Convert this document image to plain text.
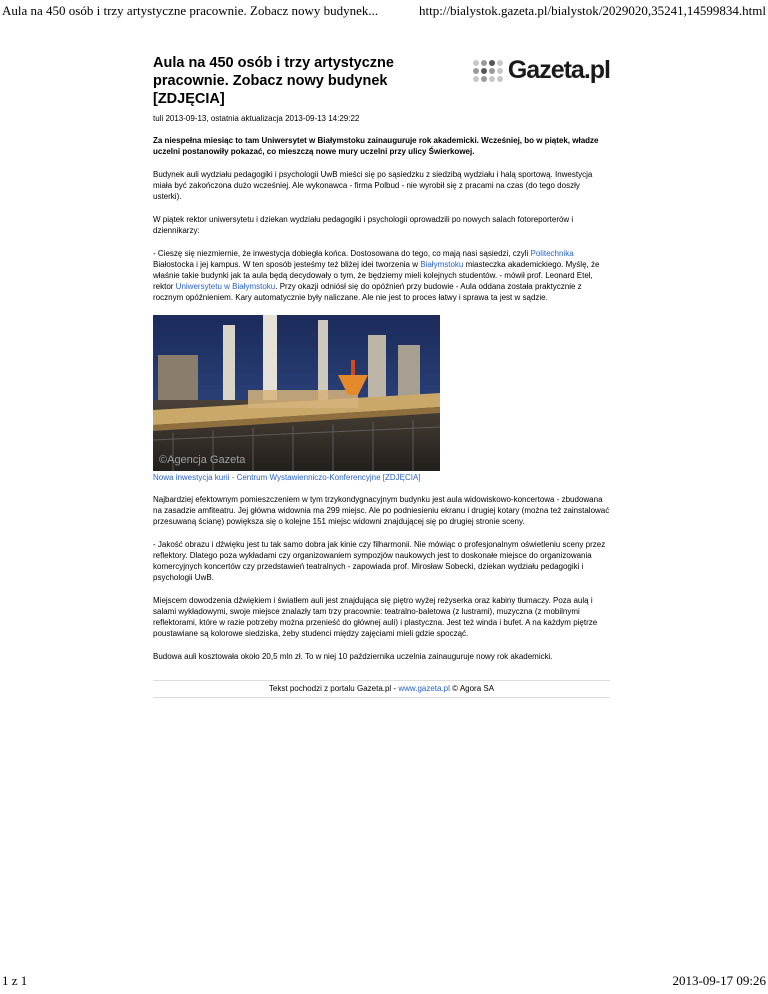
Aula na 450 osób i trzy artystyczne pracownie. Zobacz nowy budynek...	http://bialystok.gazeta.pl/bialystok/2029020,35241,14599834.html
Aula na 450 osób i trzy artystyczne pracownie. Zobacz nowy budynek [ZDJĘCIA]
Gazeta.pl
tuli 2013-09-13, ostatnia aktualizacja 2013-09-13 14:29:22

Za niespełna miesiąc to tam Uniwersytet w Białymstoku zainauguruje rok akademicki. Wcześniej, bo w piątek, władze uczelni postanowiły pokazać, co mieszczą nowe mury uczelni przy ulicy Świerkowej.

Budynek auli wydziału pedagogiki i psychologii UwB mieści się po sąsiedzku z siedzibą wydziału i halą sportową. Inwestycja miała być zakończona dużo wcześniej. Ale wykonawca - firma Polbud - nie wyrobił się z pracami na czas (do tego doszły usterki).

W piątek rektor uniwersytetu i dziekan wydziału pedagogiki i psychologii oprowadzili po nowych salach fotoreporterów i dziennikarzy:

- Cieszę się niezmiernie, że inwestycja dobiegła końca. Dostosowana do tego, co mają nasi sąsiedzi, czyli Politechnika Białostocka i jej kampus. W ten sposób jesteśmy też bliżej idei tworzenia w Białymstoku miasteczka akademickiego. Myślę, że właśnie takie budynki jak ta aula będą decydowały o tym, że będziemy mieli kolejnych studentów. - mówił prof. Leonard Etel, rektor Uniwersytetu w Białymstoku. Przy okazji odniósł się do opóźnień przy budowie - Aula oddana została praktycznie z rocznym opóźnieniem. Kary automatycznie były naliczane. Ale nie jest to proces łatwy i sprawa ta jest w sądzie.

©Agencja Gazeta
Nowa inwestycja kurii - Centrum Wystawienniczo-Konferencyjne [ZDJĘCIA]

Najbardziej efektownym pomieszczeniem w tym trzykondygnacyjnym budynku jest aula widowiskowo-koncertowa - zbudowana na zasadzie amfiteatru. Jej główna widownia ma 299 miejsc. Ale po podniesieniu ekranu i drugiej kotary (można też zainstalować przesuwaną ścianę) powiększa się o kolejne 151 miejsc widowni znajdującej się po drugiej stronie sceny.

- Jakość obrazu i dźwięku jest tu tak samo dobra jak kinie czy filharmonii. Nie mówiąc o profesjonalnym oświetleniu sceny przez reflektory. Dlatego poza wykładami czy organizowaniem sympozjów naukowych jest to doskonałe miejsce do organizowania komercyjnych koncertów czy przedstawień teatralnych - zapowiada prof. Mirosław Sobecki, dziekan wydziału pedagogiki i psychologii UwB.

Miejscem dowodzenia dźwiękiem i światłem auli jest znajdująca się piętro wyżej reżyserka oraz kabiny tłumaczy. Poza aulą i salami wykładowymi, swoje miejsce znalazły tam trzy pracownie: teatralno-baletowa (z lustrami), muzyczna (z mobilnymi reflektorami, które w razie potrzeby można przenieść do głównej auli) i plastyczna. Jest też winda i bufet. A na każdym piętrze poustawiane są kolorowe siedziska, żeby studenci między zajęciami mieli gdzie spocząć.

Budowa auli kosztowała około 20,5 mln zł. To w niej 10 października uczelnia zainauguruje nowy rok akademicki.

Tekst pochodzi z portalu Gazeta.pl - www.gazeta.pl © Agora SA
1 z 1	2013-09-17 09:26
